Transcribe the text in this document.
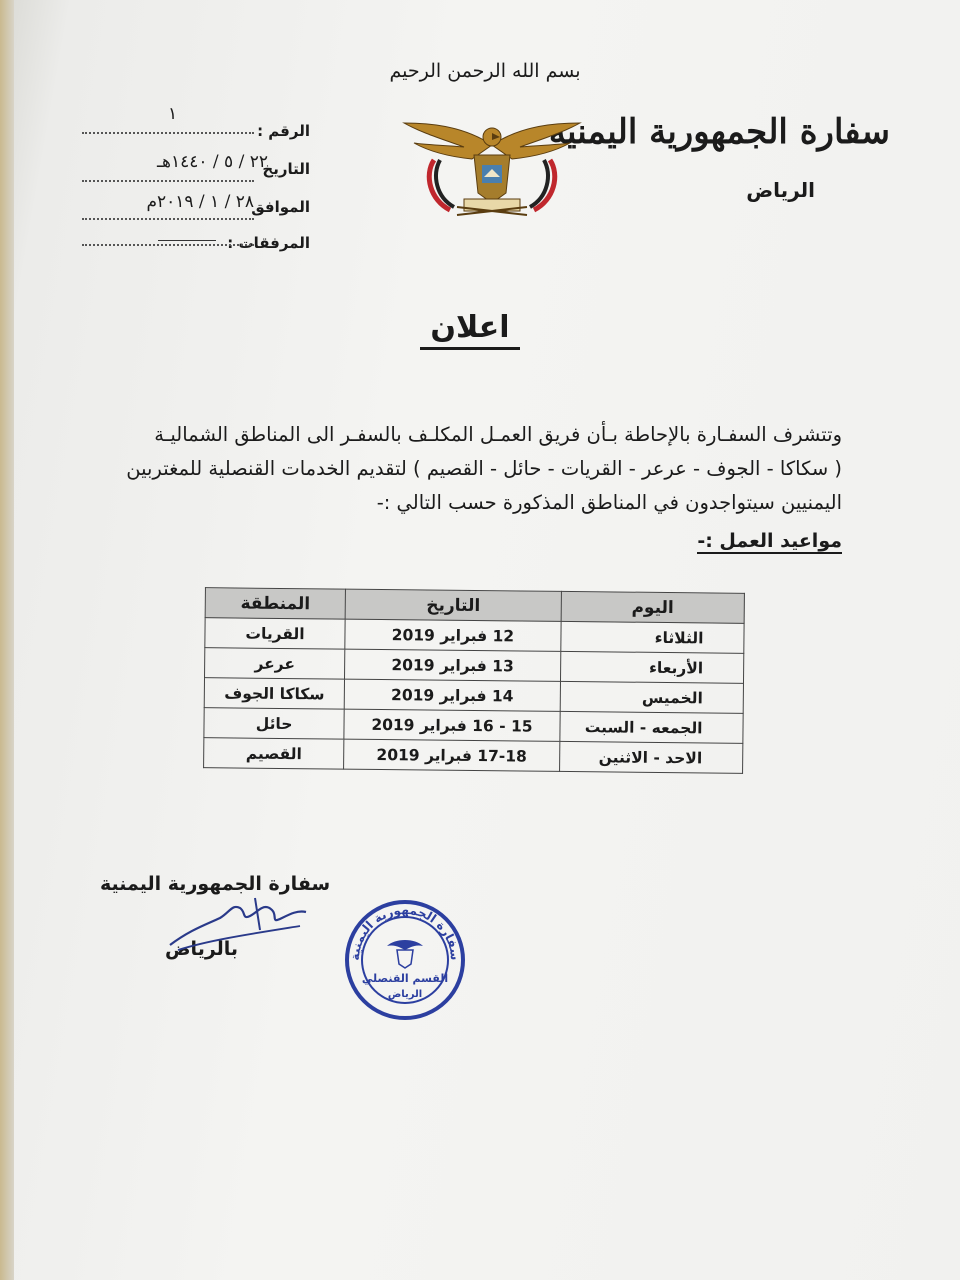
بسم الله الرحمن الرحيم
سفارة الجمهورية اليمنية
الرياض
الرقم :
١
التاريخ
٢٢ / ٥ / ١٤٤٠هـ
الموافق
٢٨ / ١ / ٢٠١٩م
المرفقات :
اعلان
وتتشرف السفـارة بالإحاطة بـأن فريق العمـل المكلـف بالسفـر الى المناطق الشماليـة
( سكاكا - الجوف - عرعر - القريات - حائل - القصيم ) لتقديم الخدمات القنصلية للمغتربين
اليمنيين سيتواجدون في المناطق المذكورة حسب التالي :-
مواعيد العمل :-
اليوم	التاريخ	المنطقة
الثلاثاء	12 فبراير 2019	القريات
الأربعاء	13 فبراير 2019	عرعر
الخميس	14 فبراير 2019	سكاكا الجوف
الجمعه - السبت	15 - 16 فبراير 2019	حائل
الاحد - الاثنين	17-18 فبراير 2019	القصيم
سفارة الجمهورية اليمنية
بالرياض	سفارة الجمهورية اليمنية
القسم القنصلي
الرياض
